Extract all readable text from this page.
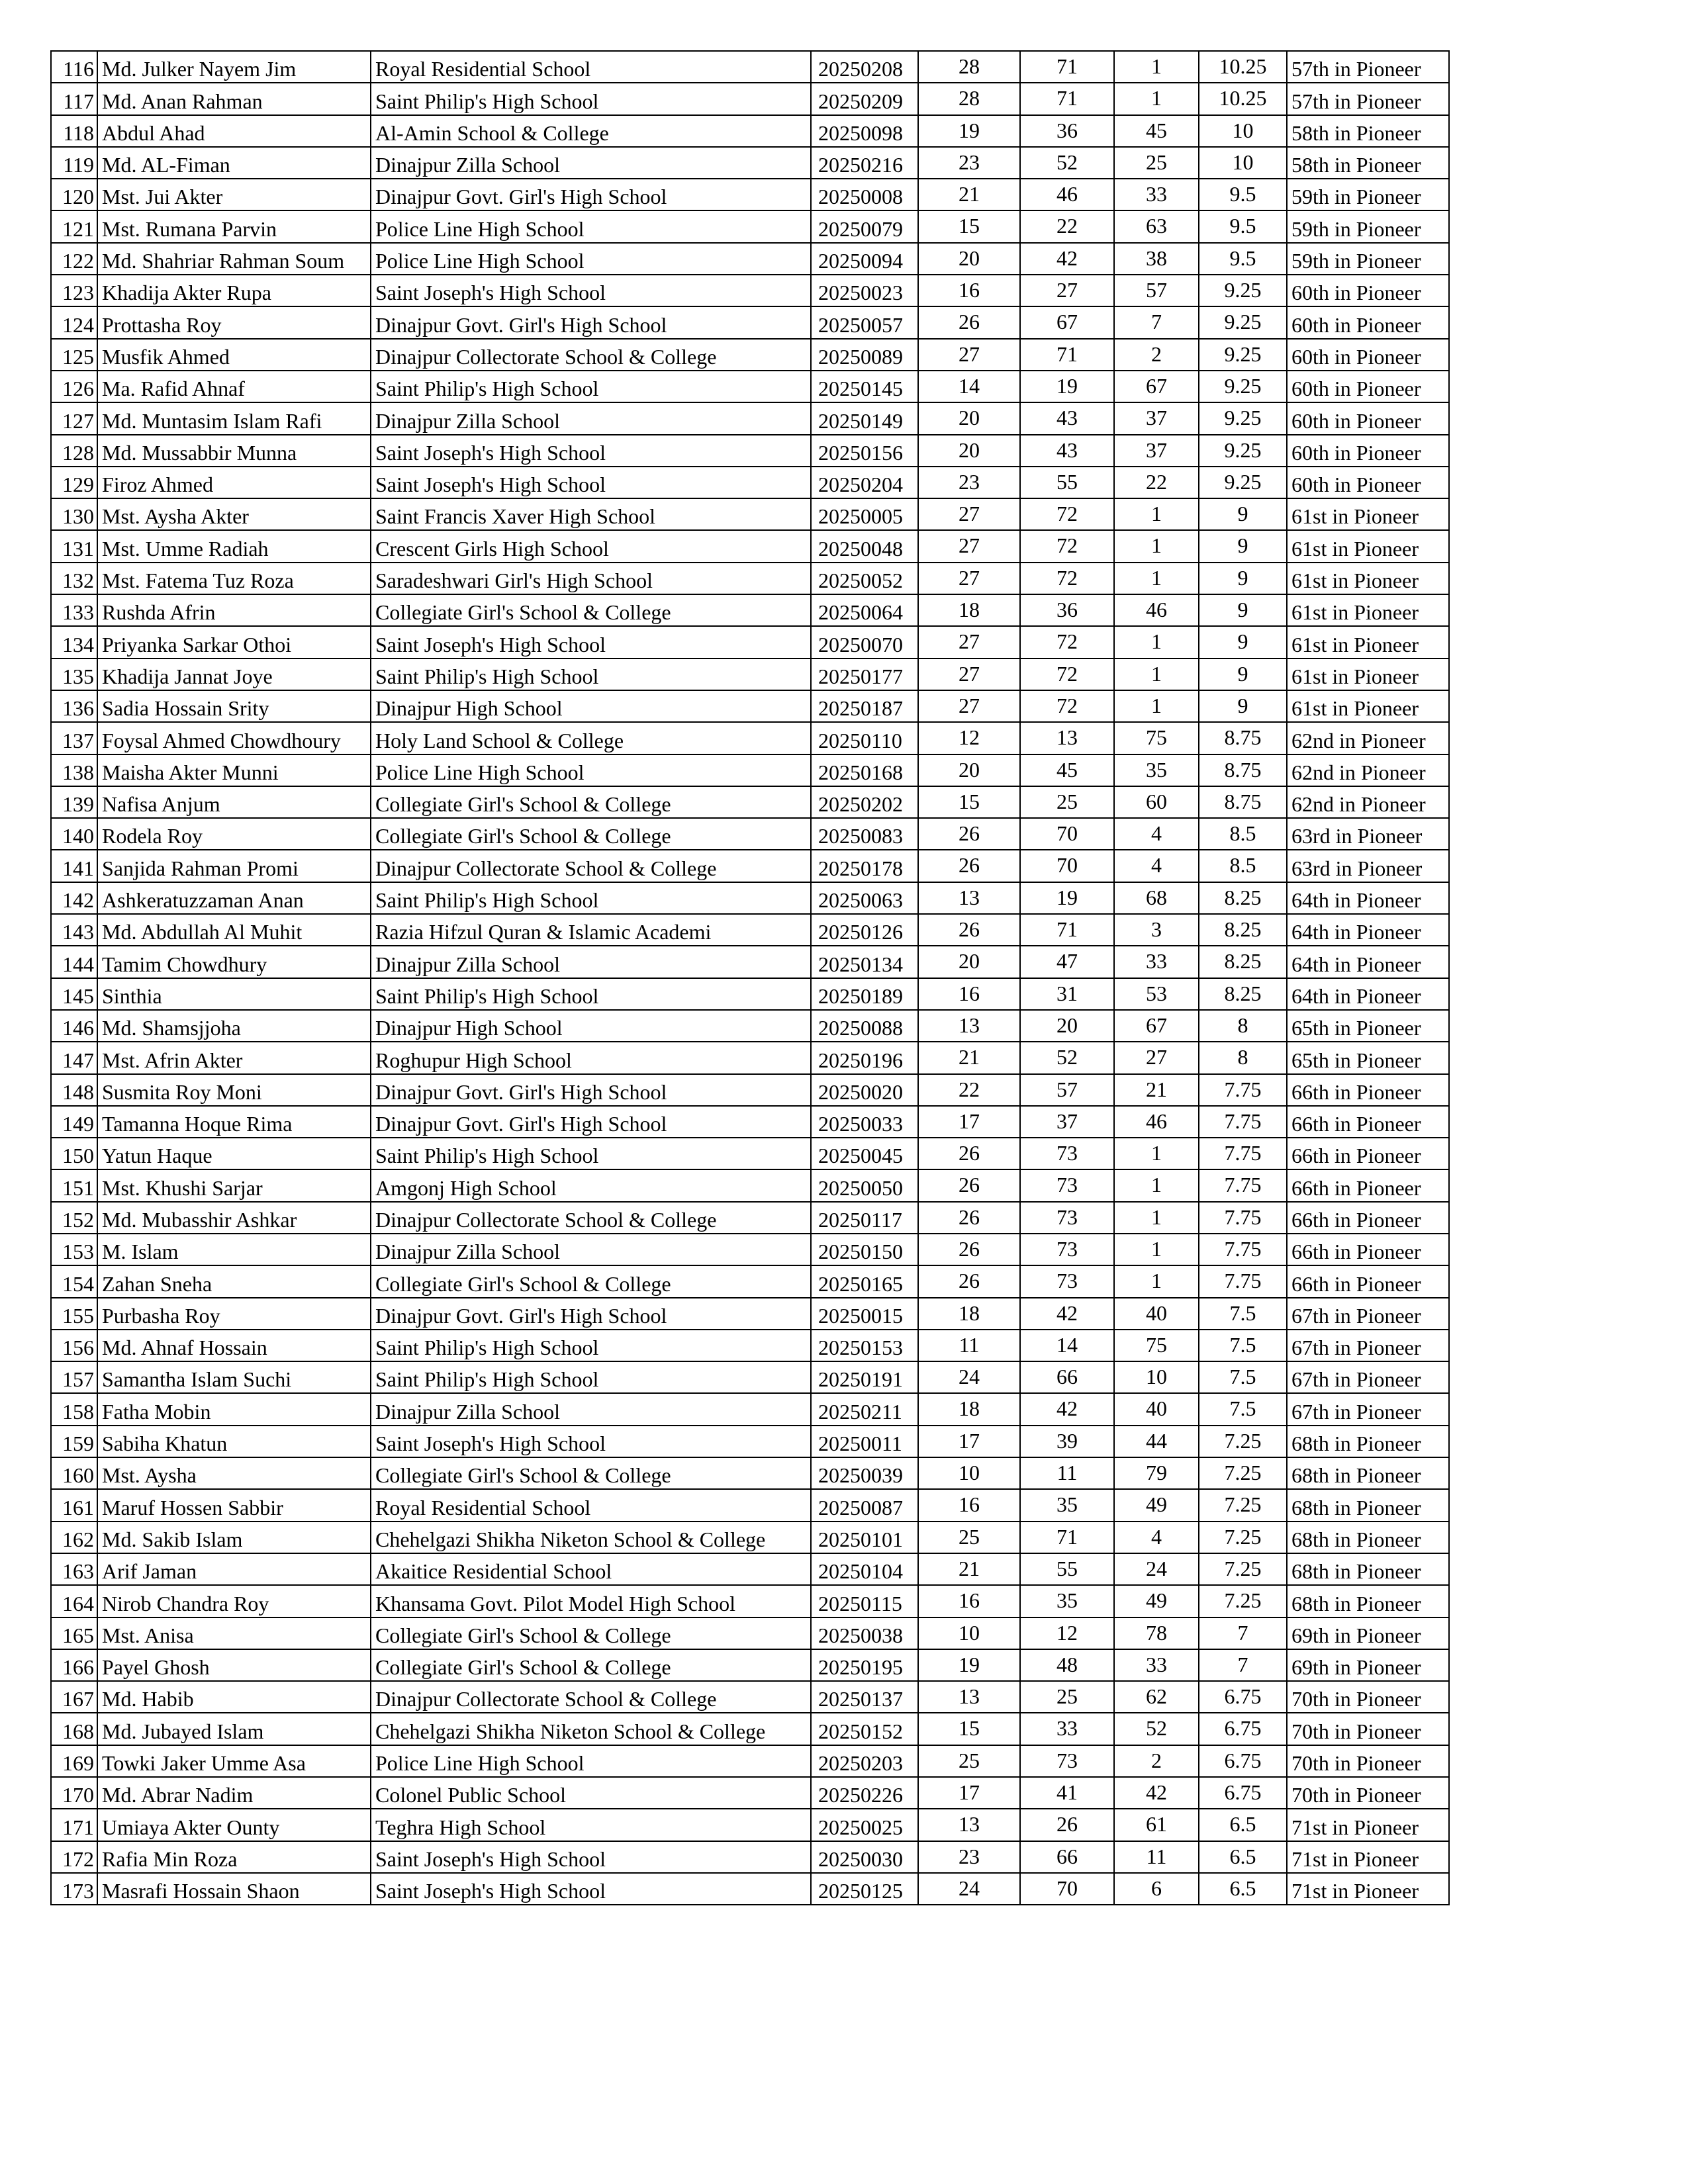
116	Md. Julker Nayem Jim	Royal Residential School	20250208	28	71	1	10.25	57th in Pioneer
117	Md. Anan Rahman	Saint Philip's High School	20250209	28	71	1	10.25	57th in Pioneer
118	Abdul Ahad	Al-Amin School & College	20250098	19	36	45	10	58th in Pioneer
119	Md. AL-Fiman	Dinajpur Zilla School	20250216	23	52	25	10	58th in Pioneer
120	Mst. Jui Akter	Dinajpur Govt. Girl's High School	20250008	21	46	33	9.5	59th in Pioneer
121	Mst. Rumana Parvin	Police Line High School	20250079	15	22	63	9.5	59th in Pioneer
122	Md. Shahriar Rahman Soum	Police Line High School	20250094	20	42	38	9.5	59th in Pioneer
123	Khadija Akter Rupa	Saint Joseph's High School	20250023	16	27	57	9.25	60th in Pioneer
124	Prottasha Roy	Dinajpur Govt. Girl's High School	20250057	26	67	7	9.25	60th in Pioneer
125	Musfik Ahmed	Dinajpur Collectorate School & College	20250089	27	71	2	9.25	60th in Pioneer
126	Ma. Rafid Ahnaf	Saint Philip's High School	20250145	14	19	67	9.25	60th in Pioneer
127	Md. Muntasim Islam Rafi	Dinajpur Zilla School	20250149	20	43	37	9.25	60th in Pioneer
128	Md. Mussabbir Munna	Saint Joseph's High School	20250156	20	43	37	9.25	60th in Pioneer
129	Firoz Ahmed	Saint Joseph's High School	20250204	23	55	22	9.25	60th in Pioneer
130	Mst. Aysha Akter	Saint Francis Xaver High School	20250005	27	72	1	9	61st in Pioneer
131	Mst. Umme Radiah	Crescent Girls High School	20250048	27	72	1	9	61st in Pioneer
132	Mst. Fatema Tuz Roza	Saradeshwari Girl's High School	20250052	27	72	1	9	61st in Pioneer
133	Rushda Afrin	Collegiate Girl's School & College	20250064	18	36	46	9	61st in Pioneer
134	Priyanka Sarkar Othoi	Saint Joseph's High School	20250070	27	72	1	9	61st in Pioneer
135	Khadija Jannat Joye	Saint Philip's High School	20250177	27	72	1	9	61st in Pioneer
136	Sadia Hossain Srity	Dinajpur High School	20250187	27	72	1	9	61st in Pioneer
137	Foysal Ahmed Chowdhoury	Holy Land School & College	20250110	12	13	75	8.75	62nd in Pioneer
138	Maisha Akter Munni	Police Line High School	20250168	20	45	35	8.75	62nd in Pioneer
139	Nafisa Anjum	Collegiate Girl's School & College	20250202	15	25	60	8.75	62nd in Pioneer
140	Rodela Roy	Collegiate Girl's School & College	20250083	26	70	4	8.5	63rd in Pioneer
141	Sanjida Rahman Promi	Dinajpur Collectorate School & College	20250178	26	70	4	8.5	63rd in Pioneer
142	Ashkeratuzzaman Anan	Saint Philip's High School	20250063	13	19	68	8.25	64th in Pioneer
143	Md. Abdullah Al Muhit	Razia Hifzul Quran & Islamic Academi	20250126	26	71	3	8.25	64th in Pioneer
144	Tamim Chowdhury	Dinajpur Zilla School	20250134	20	47	33	8.25	64th in Pioneer
145	Sinthia	Saint Philip's High School	20250189	16	31	53	8.25	64th in Pioneer
146	Md. Shamsjjoha	Dinajpur High School	20250088	13	20	67	8	65th in Pioneer
147	Mst. Afrin Akter	Roghupur High School	20250196	21	52	27	8	65th in Pioneer
148	Susmita Roy Moni	Dinajpur Govt. Girl's High School	20250020	22	57	21	7.75	66th in Pioneer
149	Tamanna Hoque Rima	Dinajpur Govt. Girl's High School	20250033	17	37	46	7.75	66th in Pioneer
150	Yatun Haque	Saint Philip's High School	20250045	26	73	1	7.75	66th in Pioneer
151	Mst. Khushi Sarjar	Amgonj High School	20250050	26	73	1	7.75	66th in Pioneer
152	Md. Mubasshir Ashkar	Dinajpur Collectorate School & College	20250117	26	73	1	7.75	66th in Pioneer
153	M. Islam	Dinajpur Zilla School	20250150	26	73	1	7.75	66th in Pioneer
154	Zahan Sneha	Collegiate Girl's School & College	20250165	26	73	1	7.75	66th in Pioneer
155	Purbasha Roy	Dinajpur Govt. Girl's High School	20250015	18	42	40	7.5	67th in Pioneer
156	Md. Ahnaf Hossain	Saint Philip's High School	20250153	11	14	75	7.5	67th in Pioneer
157	Samantha Islam Suchi	Saint Philip's High School	20250191	24	66	10	7.5	67th in Pioneer
158	Fatha Mobin	Dinajpur Zilla School	20250211	18	42	40	7.5	67th in Pioneer
159	Sabiha Khatun	Saint Joseph's High School	20250011	17	39	44	7.25	68th in Pioneer
160	Mst. Aysha	Collegiate Girl's School & College	20250039	10	11	79	7.25	68th in Pioneer
161	Maruf Hossen Sabbir	Royal Residential School	20250087	16	35	49	7.25	68th in Pioneer
162	Md. Sakib Islam	Chehelgazi Shikha Niketon School & College	20250101	25	71	4	7.25	68th in Pioneer
163	Arif Jaman	Akaitice Residential School	20250104	21	55	24	7.25	68th in Pioneer
164	Nirob Chandra Roy	Khansama Govt. Pilot Model High School	20250115	16	35	49	7.25	68th in Pioneer
165	Mst. Anisa	Collegiate Girl's School & College	20250038	10	12	78	7	69th in Pioneer
166	Payel Ghosh	Collegiate Girl's School & College	20250195	19	48	33	7	69th in Pioneer
167	Md. Habib	Dinajpur Collectorate School & College	20250137	13	25	62	6.75	70th in Pioneer
168	Md. Jubayed Islam	Chehelgazi Shikha Niketon School & College	20250152	15	33	52	6.75	70th in Pioneer
169	Towki Jaker Umme Asa	Police Line High School	20250203	25	73	2	6.75	70th in Pioneer
170	Md. Abrar Nadim	Colonel Public School	20250226	17	41	42	6.75	70th in Pioneer
171	Umiaya Akter Ounty	Teghra High School	20250025	13	26	61	6.5	71st in Pioneer
172	Rafia Min Roza	Saint Joseph's High School	20250030	23	66	11	6.5	71st in Pioneer
173	Masrafi Hossain Shaon	Saint Joseph's High School	20250125	24	70	6	6.5	71st in Pioneer
